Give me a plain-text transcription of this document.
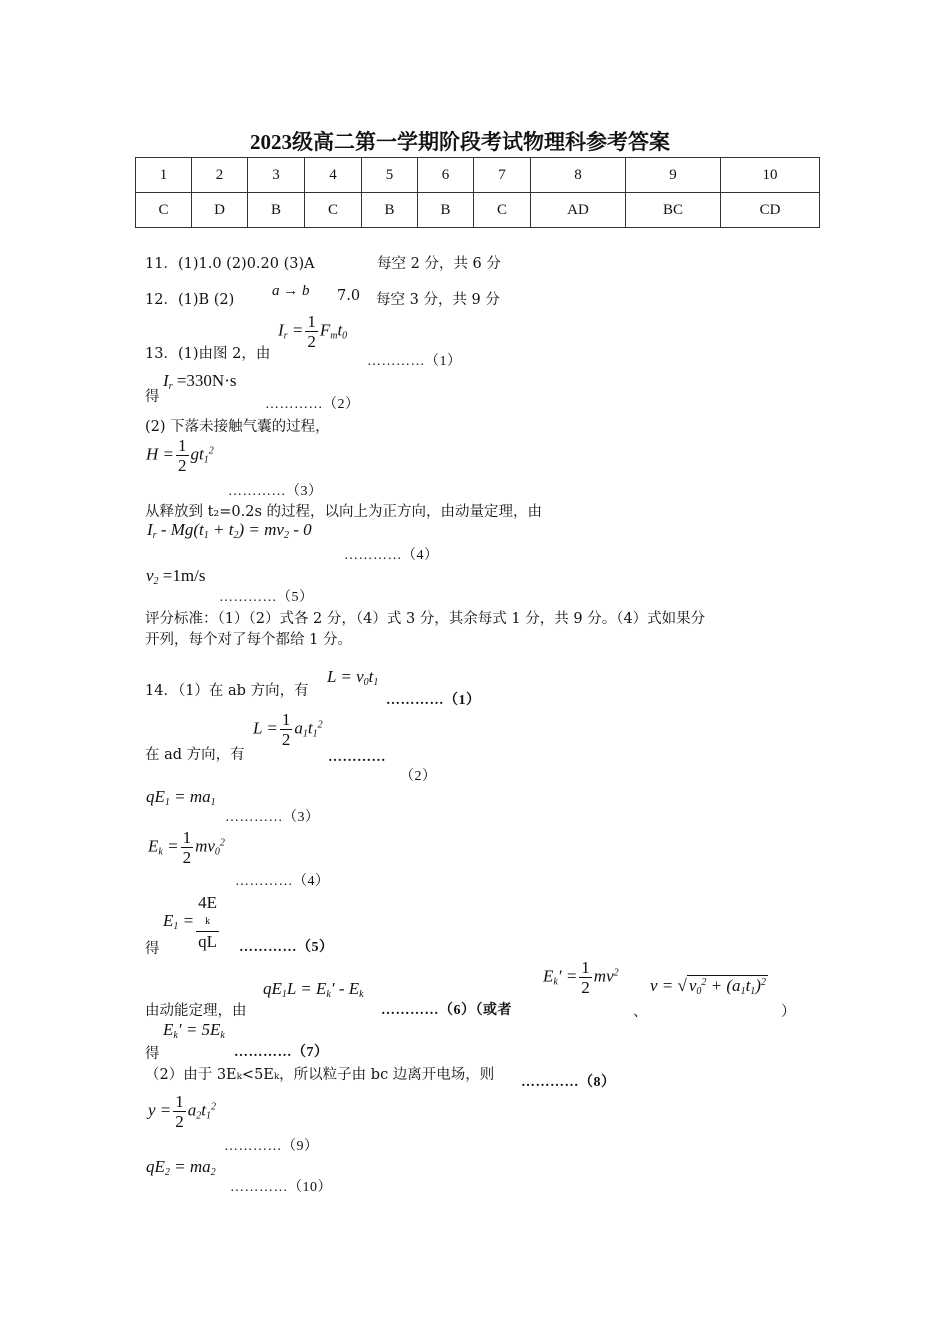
2023级高二第一学期阶段考试物理科参考答案
1	2	3	4	5	6	7	8	9	10
C	D	B	C	B	B	C	AD	BC	CD
11．(1)1.0 (2)0.20 (3)A	每空 2 分，共 6 分
12．(1)B (2)
a → b 7.0 每空 3 分，共 9 分
$I_r = \frac{1}{2} F_mt_0$
13．(1)由图 2，由	…………（1）
得
$I_r =330N\cdot s$
…………（2）
(2) 下落未接触气囊的过程，
$H = \frac{1}{2} gt_1^2$
…………（3）
从释放到 t₂=0.2s 的过程，以向上为正方向，由动量定理，由
$I_r - Mg(t_1 + t_2) = mv_2 - 0$
…………（4）
$v_2 =1m/s$
…………（5）
评分标准：（1）（2）式各 2 分，（4）式 3 分，其余每式 1 分，共 9 分。（4）式如果分
开列，每个对了每个都给 1 分。
14．（1）在 ab 方向，有
$L = v_0t_1$
…………（1）
$L = \frac{1}{2} a_1t_1^2$
在 ad 方向，有	…………
（2）
$qE_1 = ma_1$
…………（3）
$E_k = \frac{1}{2} mv_0^2$
…………（4）
$E_1 = 4E$
k
qL
得	…………（5）
$E_k' = \frac{1}{2} mv^2$
$qE_1L = E_k' - E_k$	v = √ $v_0^2 + (a_1t_1)^2$
由动能定理，由	…………（6）（或者	、	）
$E_k' = 5E_k$
得	…………（7）
（2）由于 3Eₖ<5Eₖ，所以粒子由 bc 边离开电场，则 …………（8）
$y = \frac{1}{2} a_2t_1^2$
…………（9）
$qE_2 = ma_2$
…………（10）
